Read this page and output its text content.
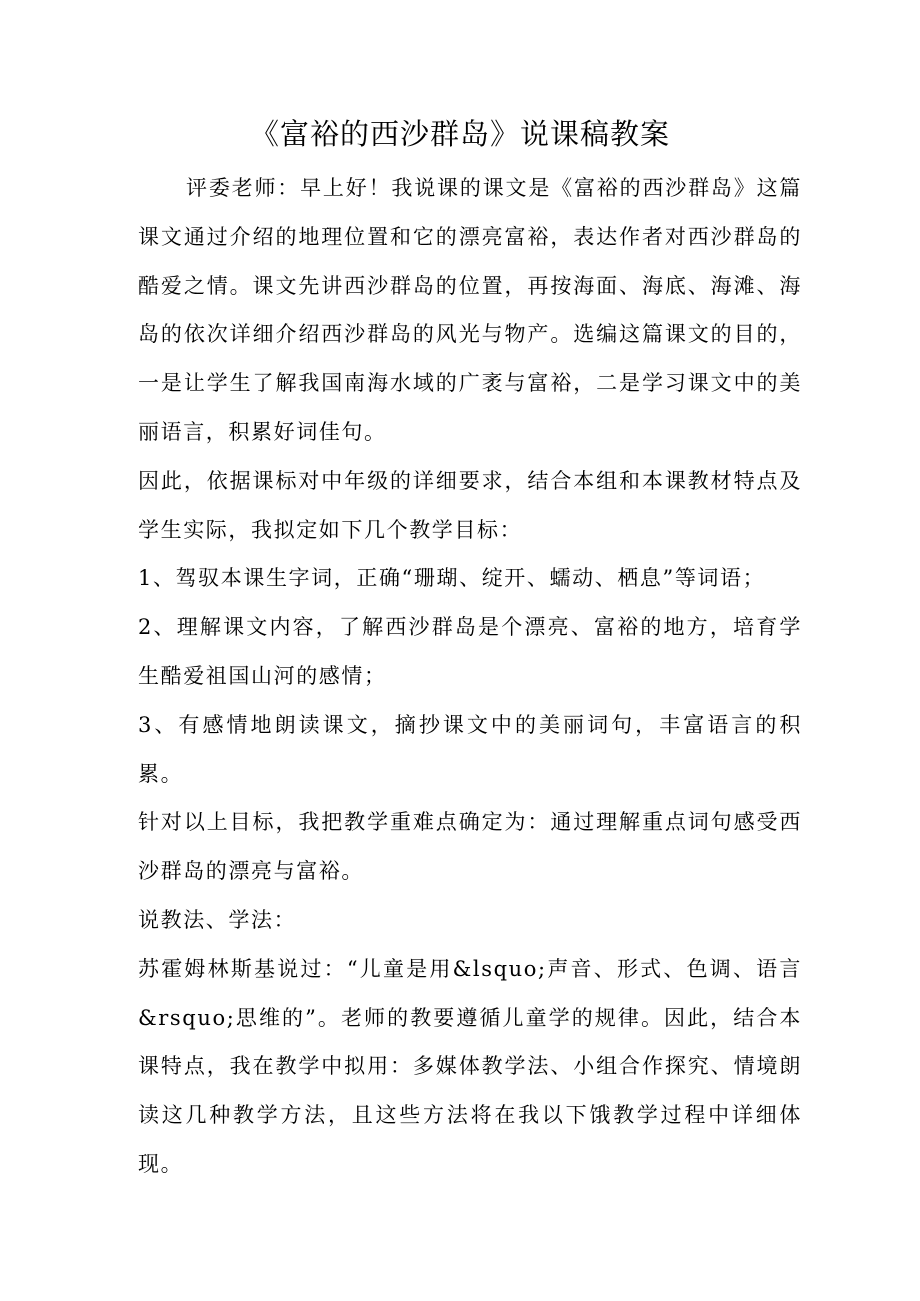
《富裕的西沙群岛》说课稿教案

评委老师：早上好！我说课的课文是《富裕的西沙群岛》这篇课文通过介绍的地理位置和它的漂亮富裕，表达作者对西沙群岛的酷爱之情。课文先讲西沙群岛的位置，再按海面、海底、海滩、海岛的依次详细介绍西沙群岛的风光与物产。选编这篇课文的目的，一是让学生了解我国南海水域的广袤与富裕，二是学习课文中的美丽语言，积累好词佳句。

因此，依据课标对中年级的详细要求，结合本组和本课教材特点及学生实际，我拟定如下几个教学目标：

1、驾驭本课生字词，正确“珊瑚、绽开、蠕动、栖息”等词语；

2、理解课文内容，了解西沙群岛是个漂亮、富裕的地方，培育学生酷爱祖国山河的感情；

3、有感情地朗读课文，摘抄课文中的美丽词句，丰富语言的积累。

针对以上目标，我把教学重难点确定为：通过理解重点词句感受西沙群岛的漂亮与富裕。

说教法、学法：

苏霍姆林斯基说过：“儿童是用&lsquo;声音、形式、色调、语言&rsquo;思维的”。老师的教要遵循儿童学的规律。因此，结合本课特点，我在教学中拟用：多媒体教学法、小组合作探究、情境朗读这几种教学方法，且这些方法将在我以下饿教学过程中详细体现。
